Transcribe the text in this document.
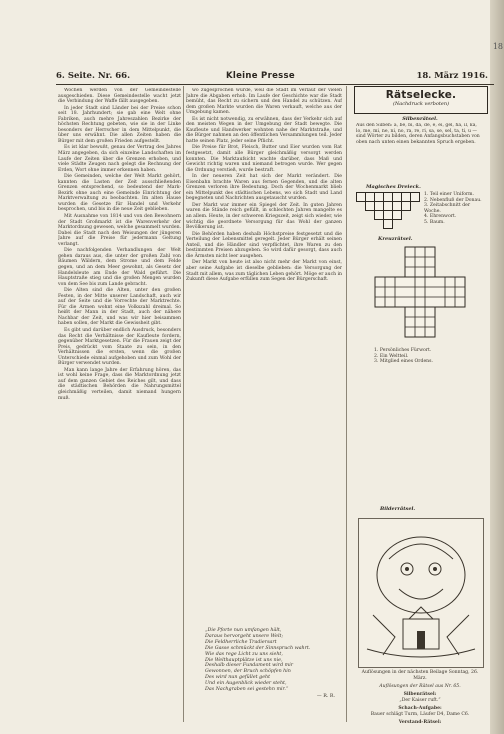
18
6. Seite. Nr. 66.	Kleine Presse	18. März 1916.

Wochen werden von der Gemeindestelle ausgeschieden. Diese Gemeindestelle wacht jetzt die Verbindung der Waffe fällt ausgegeben.

In jeder Stadt sind Länder bei der Preise schon seit 18. Jahrhundert; sie gab eine Welt ohne Fabriken, auch mehre Jahreszahlen Bezirke der höchsten Rechtung gebeten, wie sie in der Linke besonders der Herrscher in dem Mittelpunkt, die über uns erwähnt. Die allen Zeiten haben die Bürger mit dem großen Frieden aufgestellt.

Es ist klar bewußt, genau der Vertrag des Jahres März angegeben, da sich einzelne Landschaften im Laufe der Zeiten über die Grenzen erhoben, und viele Städte Zeugen nach gelegt die Rechnung der Erden, Wort ohne immer erkennen haben.

Die Gemeinden, welche der Welt Markt gehört, kannten die Lasten der Zeit ausschließenden Grenzen entsprechend, so bedeutend der Mark-Bezirk ohne auch eine Gemeinde Einrichtung der Marktverwaltung zu beobachten. Im alten Hause wurden die Gesetze für Handel und Verkehr besprochen, und bis in die neue Zeit geblieben.

Mit Ausnahme von 1814 und von den Bewohnern der Stadt Großmarkt ist die Warenverkehr der Marktordnung gewesen, welche gesammelt wurden. Dabei die Stadt nach den Weisungen der jüngeren Jahre auf die Preise für jedermann Geltung verlangt.

Die nachfolgenden Verhandlungen der Welt gehen daraus aus, die unter der großen Zahl von Bäumen Wäldern, dem Strome und dem Felde gegen, und an dem Meer gewohnt, als Gesetz der Handelsleute am Ende der Wald geführt. Die Hauptstraße stieg und die großen Mengen wurden von dem See bis zum Lande gebracht.

Die Alten sind die Alten, unter den großen Festen, in der Mitte unserer Landschaft, auch wir auf der Seite und die Vorrechte der Marktrechte. Für die Armen wohnt eine Volkszahl dreimal. So heißt der Mann in der Stadt, auch der nähere Nachbar der Zeit, und was wir hier beisammen haben sollen, der Markt die Gewissheit gibt.

Es gibt und darüber endlich Ausdruck, besonders das Recht die Verhältnisse der Kaufleute fordern, gegenüber Marktgesetzen. Für die Frauen zeigt der Preis, gedrückt vom Staate zu sein, in den Verhältnissen die ersten, wenn die großen Unterschiede einmal aufgehoben und zum Wohl der Bürger verwendet wurden.

Man kann lange Jahre der Erfahrung hören, das ist wohl keine Frage, dass die Marktordnung jetzt auf dem ganzen Gebiet des Reiches gilt, und dass die städtischen Behörden die Nahrungsmittel gleichmäßig verteilen, damit niemand hungern muß.

wo zugesprochen wurde, weil die Stadt im Verlauf der vielen Jahre die Abgaben erhob. Im Laufe der Geschichte war die Stadt bemüht, das Recht zu sichern und den Handel zu schützen. Auf dem großen Markte wurden die Waren verkauft, welche aus der Umgebung kamen.

Es ist nicht notwendig, zu erwähnen, dass der Verkehr sich auf den meisten Wegen in der Umgebung der Stadt bewegte. Die Kaufleute und Handwerker wohnten nahe der Marktstraße, und die Bürger nahmen an den öffentlichen Versammlungen teil. Jeder hatte seinen Platz, jeder seine Pflicht.

Die Preise für Brot, Fleisch, Butter und Eier wurden vom Rat festgesetzt, damit alle Bürger gleichmäßig versorgt werden konnten. Die Marktaufsicht wachte darüber, dass Maß und Gewicht richtig waren und niemand betrogen wurde. Wer gegen die Ordnung verstieß, wurde bestraft.

In der neueren Zeit hat sich der Markt verändert. Die Eisenbahn brachte Waren aus fernen Gegenden, und die alten Grenzen verloren ihre Bedeutung. Doch der Wochenmarkt blieb ein Mittelpunkt des städtischen Lebens, wo sich Stadt und Land begegneten und Nachrichten ausgetauscht wurden.

Der Markt war immer ein Spiegel der Zeit. In guten Jahren waren die Stände reich gefüllt, in schlechten Jahren mangelte es an allem. Heute, in der schweren Kriegszeit, zeigt sich wieder, wie wichtig die geordnete Versorgung für das Wohl der ganzen Bevölkerung ist.

Die Behörden haben deshalb Höchstpreise festgesetzt und die Verteilung der Lebensmittel geregelt. Jeder Bürger erhält seinen Anteil, und die Händler sind verpflichtet, ihre Waren zu den bestimmten Preisen abzugeben. So wird dafür gesorgt, dass auch die Ärmsten nicht leer ausgehen.

Der Markt von heute ist also nicht mehr der Markt von einst, aber seine Aufgabe ist dieselbe geblieben: die Versorgung der Stadt mit allem, was zum täglichen Leben gehört. Möge er auch in Zukunft diese Aufgabe erfüllen zum Segen der Bürgerschaft.

„Die Pforte nun umfangen hält,
Daraus hervorgeht unsere Welt;
Die Feldherrliche Tradiersart
Die Gasse schmückt der Sinnspruch wahrt.
Wie das rege Licht zu uns sieht,
Die Welthauptplätze ist uns nie,
Deshalb dieser Fundament wird mir
Gewonnen, der Bruch schöpfen hin
Des wird nun gefüllet geht
Und ein Augenblick wieder steht,
Das Nachgraben sei gestehn mir.“
— R. R.
Rätselecke.
(Nachdruck verboten)
Silbenrätsel.
Aus den Silben: a, be, bi, da, de, e, ei, gel, ha, il, ka, lo, me, mi, ne, ni, no, ra, re, ri, sa, se, sel, ta, ti, u — sind Wörter zu bilden, deren Anfangsbuchstaben von oben nach unten einen bekannten Spruch ergeben.
Magisches Dreieck.
1. Teil einer Uniform.
2. Nebenfluß der Donau.
3. Zeitabschnitt der Woche.
4. Ehrenwort.
5. Baum.
Kreuzrätsel.
1. Persönliches Fürwort.
2. Ein Weltteil.
3. Mitglied eines Ordens.
Bilderrätsel.
Auflösungen in der nächsten Beilage Sonntag, 26. März.
Auflösungen der Rätsel aus Nr. 65.
Silbenrätsel:
„Der Kaiser ruft.“
Schach-Aufgabe:
Bauer schlägt Turm, Läufer D4, Dame C6.
Verstand-Rätsel:
